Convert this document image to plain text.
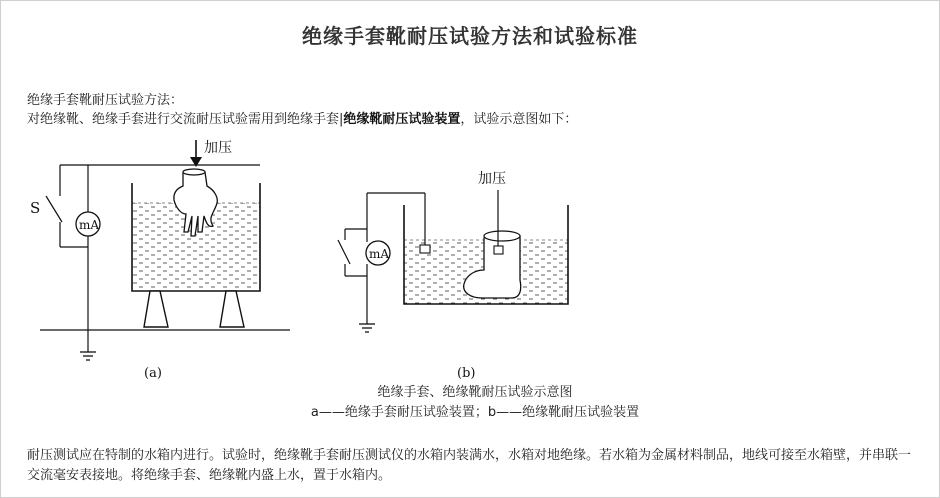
绝缘手套靴耐压试验方法和试验标准
绝缘手套靴耐压试验方法：
对绝缘靴、绝缘手套进行交流耐压试验需用到绝缘手套|绝缘靴耐压试验装置，试验示意图如下：
加压
S
mA
(a)
加压
mA
(b)
绝缘手套、绝缘靴耐压试验示意图
a——绝缘手套耐压试验装置；b——绝缘靴耐压试验装置
耐压测试应在特制的水箱内进行。试验时，绝缘靴手套耐压测试仪的水箱内装满水，水箱对地绝缘。若水箱为金属材料制品，地线可接至水箱壁，并串联一交流毫安表接地。将绝缘手套、绝缘靴内盛上水，置于水箱内。
